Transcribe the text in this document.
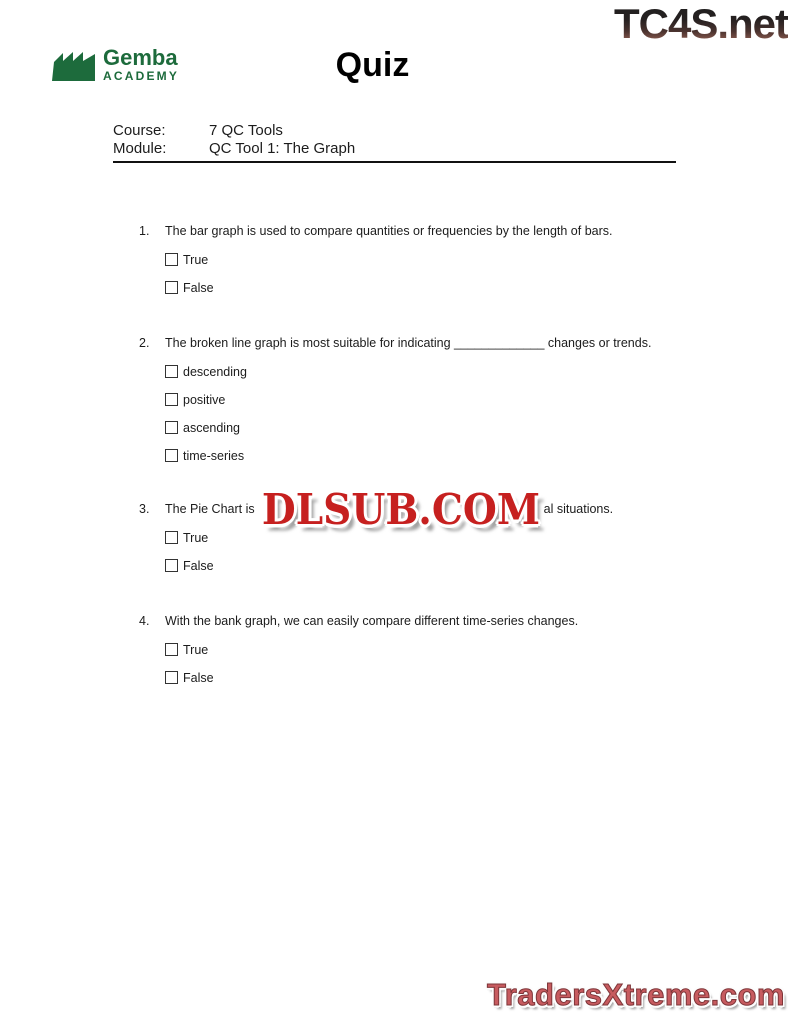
Gemba
ACADEMY	Quiz
TC4S.net
Course:	7 QC Tools
Module:	QC Tool 1: The Graph
1.	The bar graph is used to compare quantities or frequencies by the length of bars.
True
False
2.	The broken line graph is most suitable for indicating _____________ changes or trends.
descending
positive
ascending
time-series
3.	The Pie Chart is	al situations.
True
False
4.	With the bank graph, we can easily compare different time-series changes.
True
False
DLSUB.COM
TradersXtreme.com
